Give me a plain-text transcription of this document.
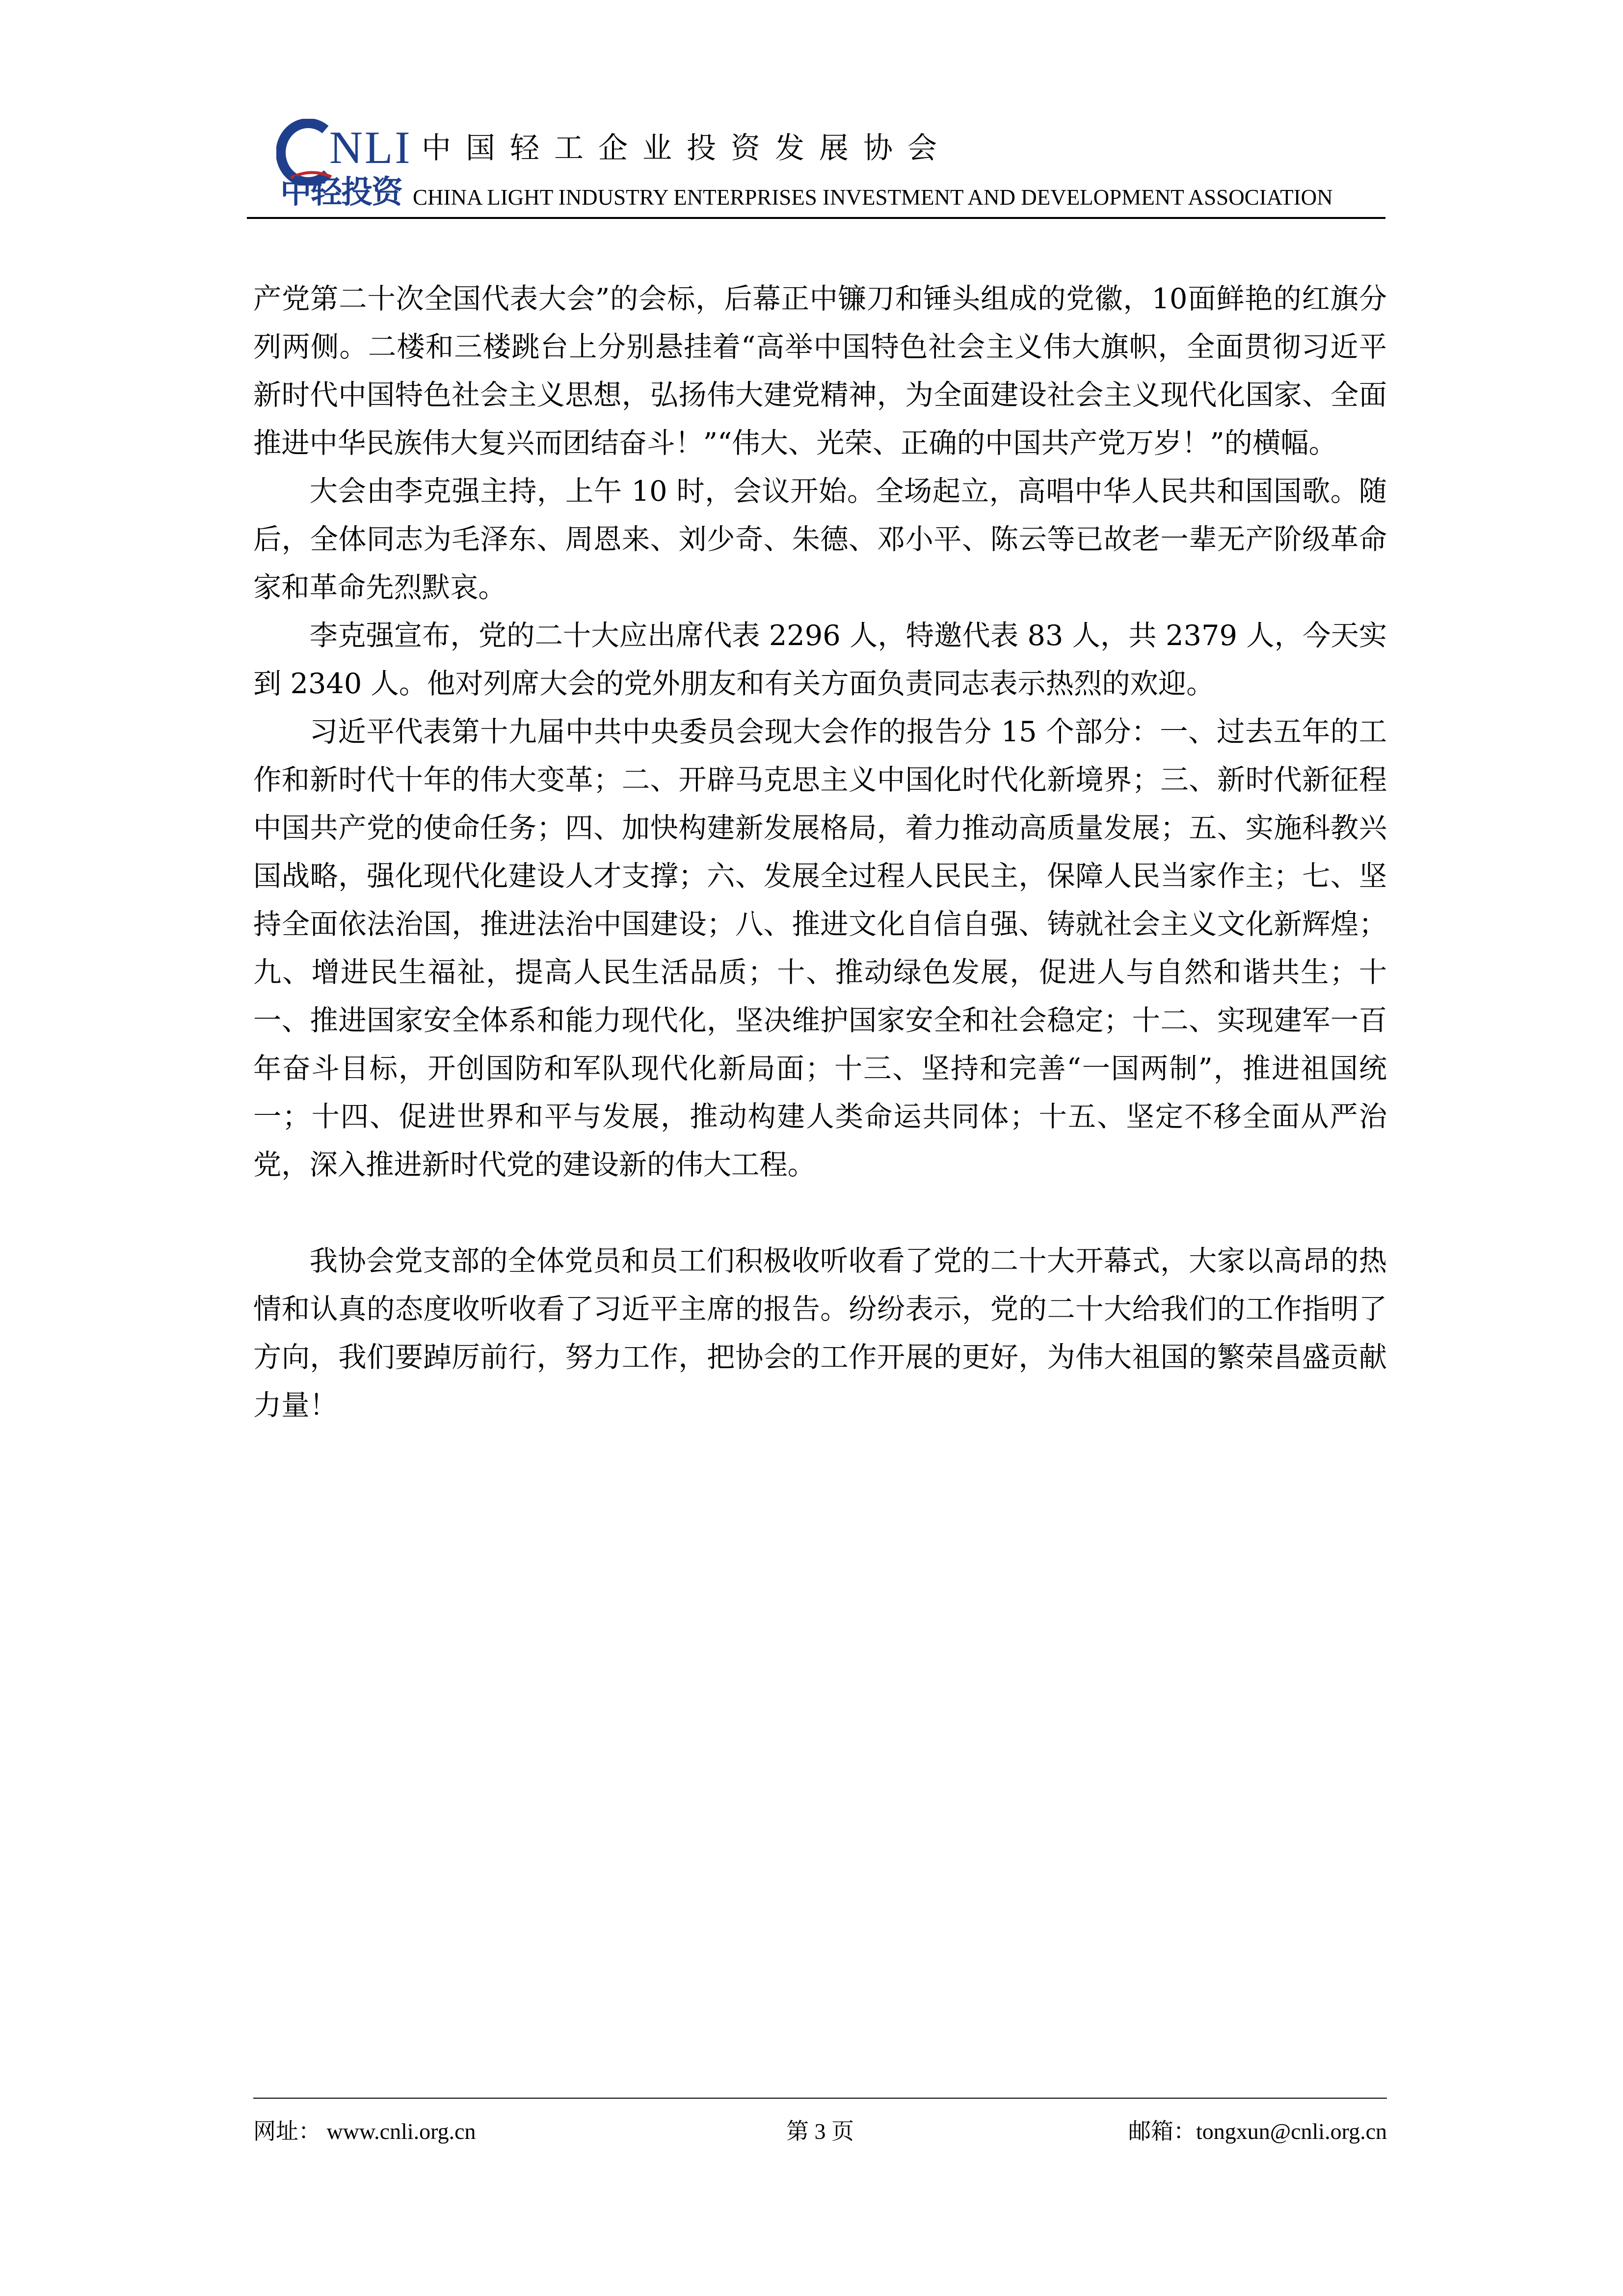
NLI
中轻投资
中国轻工企业投资发展协会
CHINA LIGHT INDUSTRY ENTERPRISES INVESTMENT AND DEVELOPMENT ASSOCIATION

产党第二十次全国代表大会”的会标，后幕正中镰刀和锤头组成的党徽，10面鲜艳的红旗分列两侧。二楼和三楼跳台上分别悬挂着“高举中国特色社会主义伟大旗帜，全面贯彻习近平新时代中国特色社会主义思想，弘扬伟大建党精神，为全面建设社会主义现代化国家、全面推进中华民族伟大复兴而团结奋斗！”“伟大、光荣、正确的中国共产党万岁！”的横幅。

大会由李克强主持，上午 10 时，会议开始。全场起立，高唱中华人民共和国国歌。随后，全体同志为毛泽东、周恩来、刘少奇、朱德、邓小平、陈云等已故老一辈无产阶级革命家和革命先烈默哀。

李克强宣布，党的二十大应出席代表 2296 人，特邀代表 83 人，共 2379 人，今天实到 2340 人。他对列席大会的党外朋友和有关方面负责同志表示热烈的欢迎。

习近平代表第十九届中共中央委员会现大会作的报告分 15 个部分：一、过去五年的工作和新时代十年的伟大变革；二、开辟马克思主义中国化时代化新境界；三、新时代新征程中国共产党的使命任务；四、加快构建新发展格局，着力推动高质量发展；五、实施科教兴国战略，强化现代化建设人才支撑；六、发展全过程人民民主，保障人民当家作主；七、坚持全面依法治国，推进法治中国建设；八、推进文化自信自强、铸就社会主义文化新辉煌；九、增进民生福祉，提高人民生活品质；十、推动绿色发展，促进人与自然和谐共生；十一、推进国家安全体系和能力现代化，坚决维护国家安全和社会稳定；十二、实现建军一百年奋斗目标，开创国防和军队现代化新局面；十三、坚持和完善“一国两制”，推进祖国统一；十四、促进世界和平与发展，推动构建人类命运共同体；十五、坚定不移全面从严治党，深入推进新时代党的建设新的伟大工程。

我协会党支部的全体党员和员工们积极收听收看了党的二十大开幕式，大家以高昂的热情和认真的态度收听收看了习近平主席的报告。纷纷表示，党的二十大给我们的工作指明了方向，我们要踔厉前行，努力工作，把协会的工作开展的更好，为伟大祖国的繁荣昌盛贡献力量！

网址： www.cnli.org.cn	第 3 页	邮箱：tongxun@cnli.org.cn
